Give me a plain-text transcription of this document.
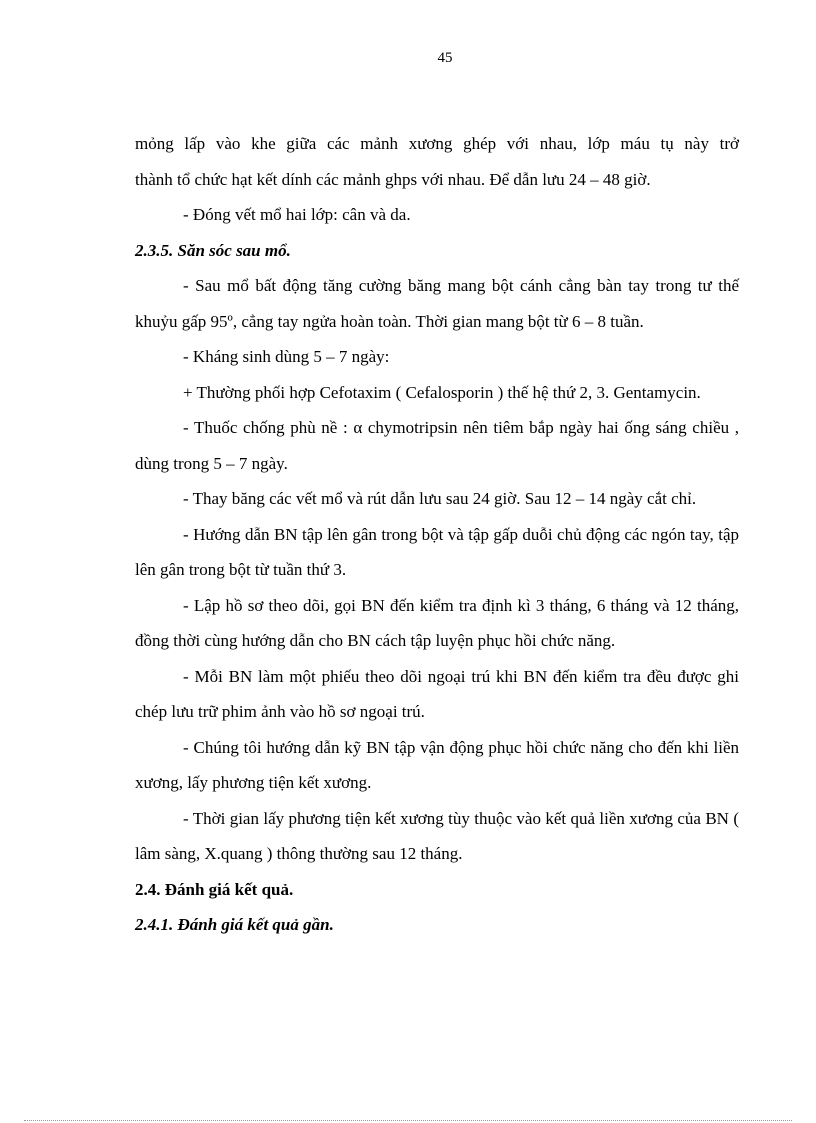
45

mỏng lấp vào khe giữa các mảnh xương ghép với nhau, lớp máu tụ này trở

thành tổ chức hạt kết dính các mảnh ghps với nhau. Để dẫn lưu 24 – 48 giờ.

- Đóng vết mổ hai lớp: cân và da.

2.3.5. Săn sóc sau mổ.

- Sau mổ bất động tăng cường băng mang bột cánh cẳng bàn tay trong tư thế khuỷu gấp 95º, cẳng tay ngửa hoàn toàn. Thời gian mang bột từ 6 – 8 tuần.

- Kháng sinh dùng 5 – 7 ngày:

+ Thường phối hợp Cefotaxim ( Cefalosporin ) thế hệ thứ 2, 3. Gentamycin.

- Thuốc chống phù nề : α chymotripsin nên tiêm bắp ngày hai ống sáng chiều , dùng trong 5 – 7 ngày.

- Thay băng các vết mổ và rút dẫn lưu sau 24 giờ. Sau 12 – 14 ngày cắt chỉ.

- Hướng dẫn BN tập lên gân trong bột và tập gấp duỗi chủ động các ngón tay, tập lên gân trong bột từ tuần thứ 3.

- Lập hồ sơ theo dõi, gọi BN đến kiểm tra định kì 3 tháng, 6 tháng và 12 tháng, đồng thời cùng hướng dẫn cho BN cách tập luyện phục hồi chức năng.

- Mỗi BN làm một phiếu theo dõi ngoại trú khi BN đến kiểm tra đều được ghi chép lưu trữ phim ảnh vào hồ sơ ngoại trú.

- Chúng tôi hướng dẫn kỹ BN tập vận động phục hồi chức năng cho đến khi liền xương, lấy phương tiện kết xương.

- Thời gian lấy phương tiện kết xương tùy thuộc vào kết quả liền xương của BN ( lâm sàng, X.quang ) thông thường sau 12 tháng.

2.4. Đánh giá kết quả.

2.4.1. Đánh giá kết quả gần.
